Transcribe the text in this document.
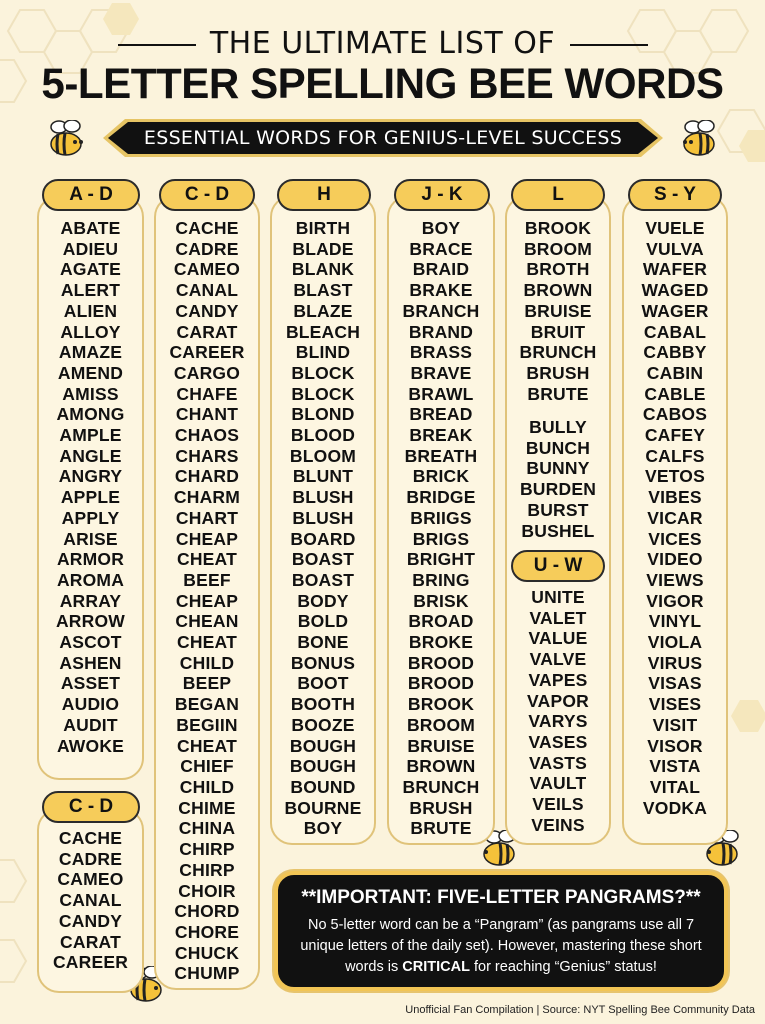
THE ULTIMATE LIST OF
5-LETTER SPELLING BEE WORDS
ESSENTIAL WORDS FOR GENIUS-LEVEL SUCCESS
A - D
ABATE
ADIEU
AGATE
ALERT
ALIEN
ALLOY
AMAZE
AMEND
AMISS
AMONG
AMPLE
ANGLE
ANGRY
APPLE
APPLY
ARISE
ARMOR
AROMA
ARRAY
ARROW
ASCOT
ASHEN
ASSET
AUDIO
AUDIT
AWOKE
C - D
CACHE
CADRE
CAMEO
CANAL
CANDY
CARAT
CAREER
C - D
CACHE
CADRE
CAMEO
CANAL
CANDY
CARAT
CAREER
CARGO
CHAFE
CHANT
CHAOS
CHARS
CHARD
CHARM
CHART
CHEAP
CHEAT
BEEF
CHEAP
CHEAN
CHEAT
CHILD
BEEP
BEGAN
BEGIIN
CHEAT
CHIEF
CHILD
CHIME
CHINA
CHIRP
CHIRP
CHOIR
CHORD
CHORE
CHUCK
CHUMP
H
BIRTH
BLADE
BLANK
BLAST
BLAZE
BLEACH
BLIND
BLOCK
BLOCK
BLOND
BLOOD
BLOOM
BLUNT
BLUSH
BLUSH
BOARD
BOAST
BOAST
BODY
BOLD
BONE
BONUS
BOOT
BOOTH
BOOZE
BOUGH
BOUGH
BOUND
BOURNE
BOY
J - K
BOY
BRACE
BRAID
BRAKE
BRANCH
BRAND
BRASS
BRAVE
BRAWL
BREAD
BREAK
BREATH
BRICK
BRIDGE
BRIIGS
BRIGS
BRIGHT
BRING
BRISK
BROAD
BROKE
BROOD
BROOD
BROOK
BROOM
BRUISE
BROWN
BRUNCH
BRUSH
BRUTE
L
BROOK
BROOM
BROTH
BROWN
BRUISE
BRUIT
BRUNCH
BRUSH
BRUTE
BULLY
BUNCH
BUNNY
BURDEN
BURST
BUSHEL
U - W
UNITE
VALET
VALUE
VALVE
VAPES
VAPOR
VARYS
VASES
VASTS
VAULT
VEILS
VEINS
S - Y
VUELE
VULVA
WAFER
WAGED
WAGER
CABAL
CABBY
CABIN
CABLE
CABOS
CAFEY
CALFS
VETOS
VIBES
VICAR
VICES
VIDEO
VIEWS
VIGOR
VINYL
VIOLA
VIRUS
VISAS
VISES
VISIT
VISOR
VISTA
VITAL
VODKA
**IMPORTANT: FIVE-LETTER PANGRAMS?**
No 5-letter word can be a “Pangram” (as pangrams use all 7 unique letters of the daily set). However, mastering these short words is CRITICAL for reaching “Genius” status!
Unofficial Fan Compilation | Source: NYT Spelling Bee Community Data
